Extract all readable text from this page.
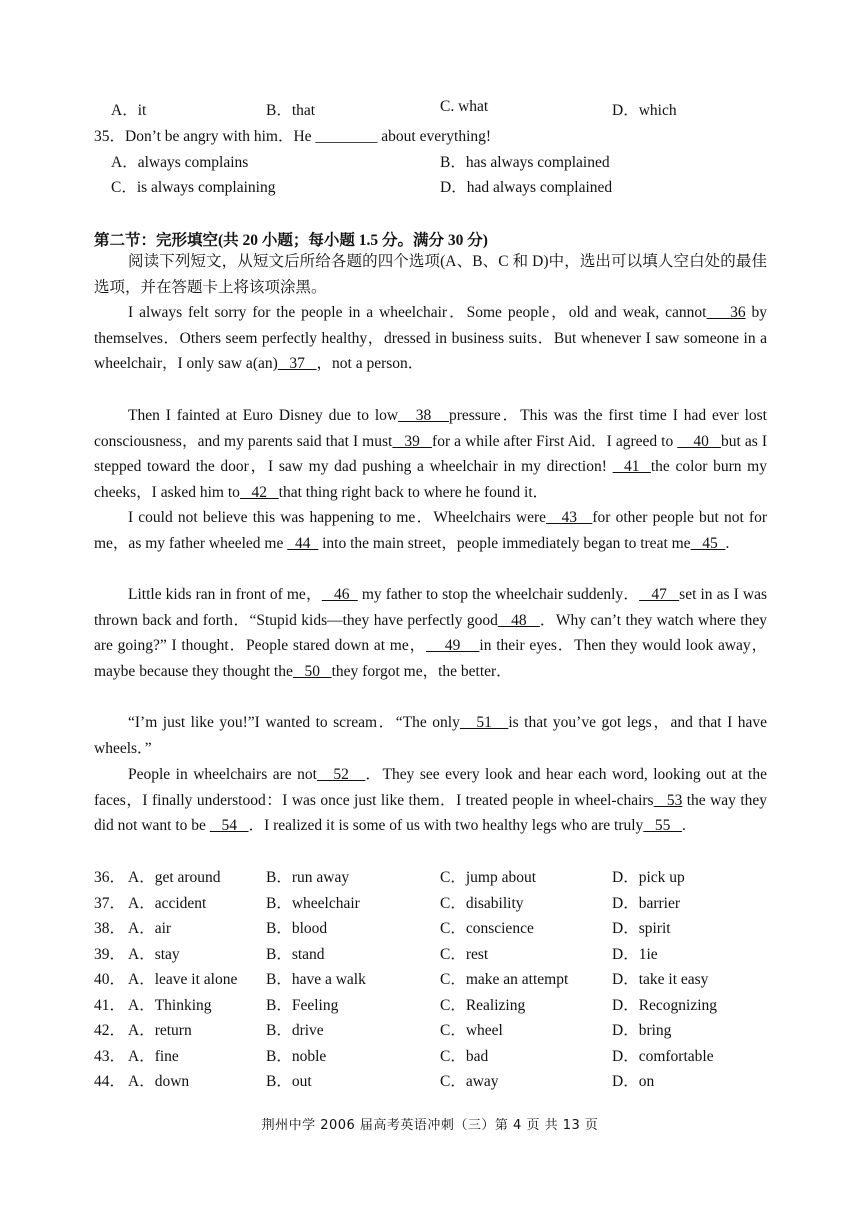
A．it	B．that	C. what	D．which
35．Don’t be angry with him．He ________ about everything!
A．always complains	B．has always complained
C．is always complaining	D．had always complained
第二节：完形填空(共 20 小题；每小题 1.5 分。满分 30 分)
阅读下列短文，从短文后所给各题的四个选项(A、B、C 和 D)中，选出可以填人空白处的最佳选项，并在答题卡上将该项涂黑。
I always felt sorry for the people in a wheelchair．Some people，old and weak, cannot    36 by themselves．Others seem perfectly healthy，dressed in business suits．But whenever I saw someone in a wheelchair，I only saw a(an)   37   ，not a person．
Then I fainted at Euro Disney due to low   38   pressure．This was the first time I had ever lost consciousness，and my parents said that I must   39   for a while after First Aid．I agreed to     40   but as I stepped toward the door，I saw my dad pushing a wheelchair in my direction!   41  the color burn my cheeks，I asked him to   42   that thing right back to where he found it．
I could not believe this was happening to me．Wheelchairs were   43   for other people but not for me，as my father wheeled me   44   into the main street，people immediately began to treat me   45  .
Little kids ran in front of me，   46   my father to stop the wheelchair suddenly．   47   set in as I was thrown back and forth．“Stupid kids—they have perfectly good   48   ．Why can’t they watch where they are going?” I thought．People stared down at me，    49    in their eyes．Then they would look away，maybe because they thought the   50   they forgot me，the better．
“I’m just like you!”I wanted to scream．“The only   51   is that you’ve got legs，and that I have wheels．”
People in wheelchairs are not   52   ．They see every look and hear each word, looking out at the faces，I finally understood：I was once just like them．I treated people in wheel-chairs   53 the way they did not want to be    54   ．I realized it is some of us with two healthy legs who are truly   55   .
36． A．get around	B．run away	C．jump about	D．pick up
37． A．accident	B．wheelchair	C．disability	D．barrier
38． A．air	B．blood	C．conscience	D．spirit
39． A．stay	B．stand	C．rest	D．1ie
40． A．leave it alone B．have a walk	C．make an attempt	D．take it easy
41． A．Thinking	B．Feeling	C．Realizing	D．Recognizing
42． A．return	B．drive	C．wheel	D．bring
43． A．fine	B．noble	C．bad	D．comfortable
44． A．down	B．out	C．away	D．on
荆州中学 2006 届高考英语冲刺（三）第 4 页 共 13 页
